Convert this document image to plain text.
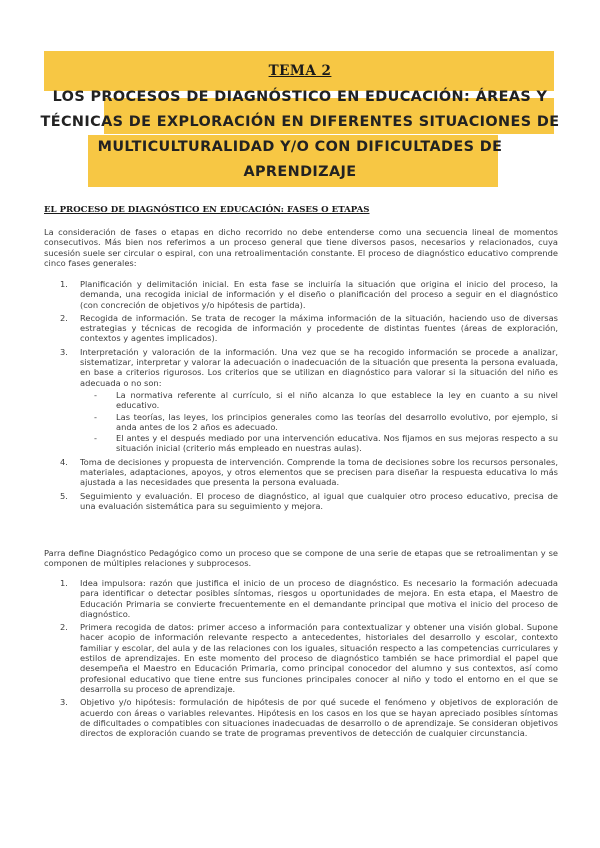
TEMA 2
LOS PROCESOS DE DIAGNÓSTICO EN EDUCACIÓN: ÁREAS Y
TÉCNICAS DE EXPLORACIÓN EN DIFERENTES SITUACIONES DE
MULTICULTURALIDAD Y/O CON DIFICULTADES DE
APRENDIZAJE
EL PROCESO DE DIAGNÓSTICO EN EDUCACIÓN: FASES O ETAPAS
La consideración de fases o etapas en dicho recorrido no debe entenderse como una secuencia lineal de momentos consecutivos. Más bien nos referimos a un proceso general que tiene diversos pasos, necesarios y relacionados, cuya sucesión suele ser circular o espiral, con una retroalimentación constante. El proceso de diagnóstico educativo comprende cinco fases generales:
1. Planificación y delimitación inicial. En esta fase se incluiría la situación que origina el inicio del proceso, la demanda, una recogida inicial de información y el diseño o planificación del proceso a seguir en el diagnóstico (con concreción de objetivos y/o hipótesis de partida).
2. Recogida de información. Se trata de recoger la máxima información de la situación, haciendo uso de diversas estrategias y técnicas de recogida de información y procedente de distintas fuentes (áreas de exploración, contextos y agentes implicados).
3. Interpretación y valoración de la información. Una vez que se ha recogido información se procede a analizar, sistematizar, interpretar y valorar la adecuación o inadecuación de la situación que presenta la persona evaluada, en base a criterios rigurosos. Los criterios que se utilizan en diagnóstico para valorar si la situación del niño es adecuada o no son:
- La normativa referente al currículo, si el niño alcanza lo que establece la ley en cuanto a su nivel educativo.
- Las teorías, las leyes, los principios generales como las teorías del desarrollo evolutivo, por ejemplo, si anda antes de los 2 años es adecuado.
- El antes y el después mediado por una intervención educativa. Nos fijamos en sus mejoras respecto a su situación inicial (criterio más empleado en nuestras aulas).
4. Toma de decisiones y propuesta de intervención. Comprende la toma de decisiones sobre los recursos personales, materiales, adaptaciones, apoyos, y otros elementos que se precisen para diseñar la respuesta educativa lo más ajustada a las necesidades que presenta la persona evaluada.
5. Seguimiento y evaluación. El proceso de diagnóstico, al igual que cualquier otro proceso educativo, precisa de una evaluación sistemática para su seguimiento y mejora.
Parra define Diagnóstico Pedagógico como un proceso que se compone de una serie de etapas que se retroalimentan y se componen de múltiples relaciones y subprocesos.
1. Idea impulsora: razón que justifica el inicio de un proceso de diagnóstico. Es necesario la formación adecuada para identificar o detectar posibles síntomas, riesgos u oportunidades de mejora. En esta etapa, el Maestro de Educación Primaria se convierte frecuentemente en el demandante principal que motiva el inicio del proceso de diagnóstico.
2. Primera recogida de datos: primer acceso a información para contextualizar y obtener una visión global. Supone hacer acopio de información relevante respecto a antecedentes, historiales del desarrollo y escolar, contexto familiar y escolar, del aula y de las relaciones con los iguales, situación respecto a las competencias curriculares y estilos de aprendizajes. En este momento del proceso de diagnóstico también se hace primordial el papel que desempeña el Maestro en Educación Primaria, como principal conocedor del alumno y sus contextos, así como profesional educativo que tiene entre sus funciones principales conocer al niño y todo el entorno en el que se desarrolla su proceso de aprendizaje.
3. Objetivo y/o hipótesis: formulación de hipótesis de por qué sucede el fenómeno y objetivos de exploración de acuerdo con áreas o variables relevantes. Hipótesis en los casos en los que se hayan apreciado posibles síntomas de dificultades o compatibles con situaciones inadecuadas de desarrollo o de aprendizaje. Se consideran objetivos directos de exploración cuando se trate de programas preventivos de detección de cualquier circunstancia.
